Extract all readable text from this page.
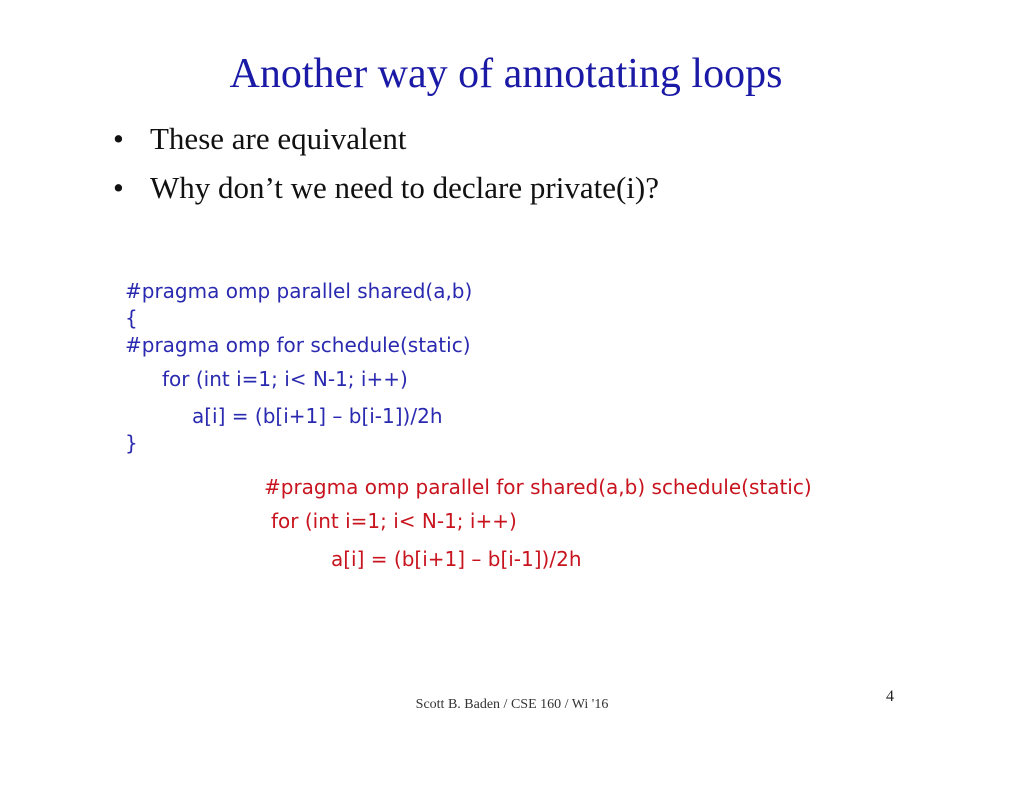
Another way of annotating loops
• These are equivalent
• Why don’t we need to declare private(i)?
#pragma omp parallel shared(a,b)
{
#pragma omp for schedule(static)
for (int i=1; i< N-1; i++)
a[i] = (b[i+1] – b[i-1])/2h
}
#pragma omp parallel for shared(a,b) schedule(static)
for (int i=1; i< N-1; i++)
a[i] = (b[i+1] – b[i-1])/2h
Scott B. Baden / CSE 160 / Wi '16	4
